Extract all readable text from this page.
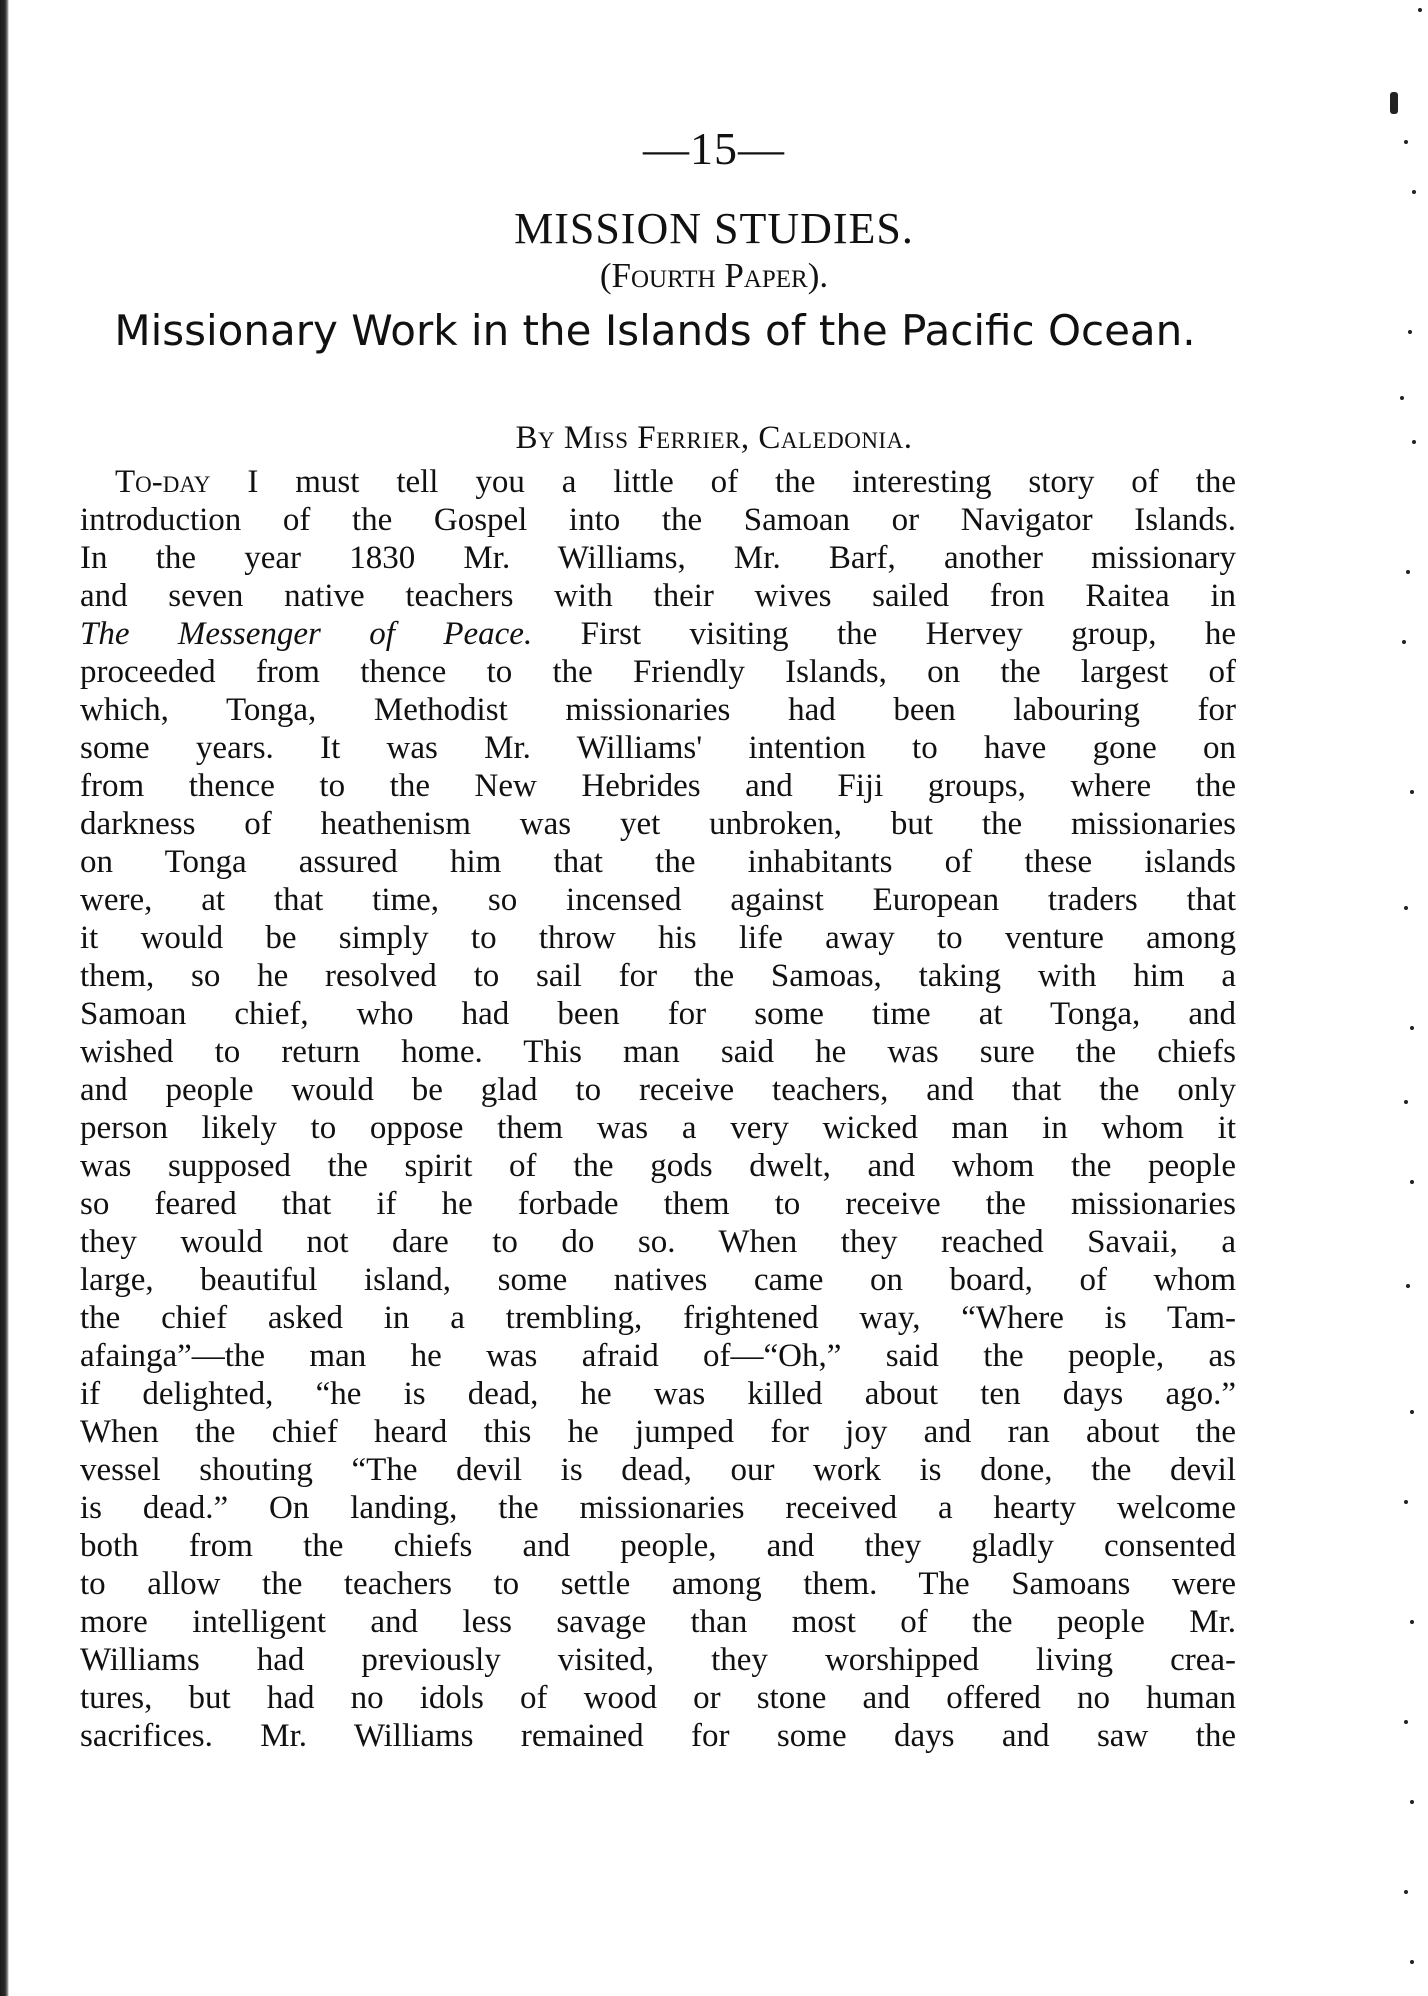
—15—
MISSION STUDIES.
(Fourth Paper).
Missionary Work in the Islands of the Pacific Ocean.
By Miss Ferrier, Caledonia.
To-day I must tell you a little of the interesting story of the
introduction of the Gospel into the Samoan or Navigator Islands.
In the year 1830 Mr. Williams, Mr. Barf, another missionary
and seven native teachers with their wives sailed fron Raitea in
The Messenger of Peace. First visiting the Hervey group, he
proceeded from thence to the Friendly Islands, on the largest of
which, Tonga, Methodist missionaries had been labouring for
some years. It was Mr. Williams' intention to have gone on
from thence to the New Hebrides and Fiji groups, where the
darkness of heathenism was yet unbroken, but the missionaries
on Tonga assured him that the inhabitants of these islands
were, at that time, so incensed against European traders that
it would be simply to throw his life away to venture among
them, so he resolved to sail for the Samoas, taking with him a
Samoan chief, who had been for some time at Tonga, and
wished to return home. This man said he was sure the chiefs
and people would be glad to receive teachers, and that the only
person likely to oppose them was a very wicked man in whom it
was supposed the spirit of the gods dwelt, and whom the people
so feared that if he forbade them to receive the missionaries
they would not dare to do so. When they reached Savaii, a
large, beautiful island, some natives came on board, of whom
the chief asked in a trembling, frightened way, “Where is Tam-
afainga”—the man he was afraid of—“Oh,” said the people, as
if delighted, “he is dead, he was killed about ten days ago.”
When the chief heard this he jumped for joy and ran about the
vessel shouting “The devil is dead, our work is done, the devil
is dead.” On landing, the missionaries received a hearty welcome
both from the chiefs and people, and they gladly consented
to allow the teachers to settle among them. The Samoans were
more intelligent and less savage than most of the people Mr.
Williams had previously visited, they worshipped living crea-
tures, but had no idols of wood or stone and offered no human
sacrifices. Mr. Williams remained for some days and saw the
